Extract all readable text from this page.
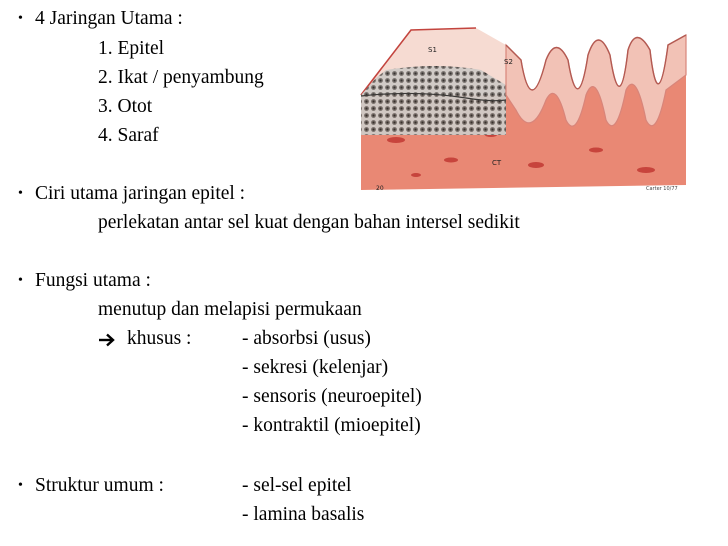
• 4 Jaringan Utama :
1. Epitel
2. Ikat / penyambung
3. Otot
4. Saraf
• Ciri utama jaringan epitel :
perlekatan antar sel kuat dengan bahan intersel sedikit
• Fungsi utama :
menutup dan melapisi permukaan
khusus :	- absorbsi (usus)
- sekresi (kelenjar)
- sensoris (neuroepitel)
- kontraktil (mioepitel)
• Struktur umum :	- sel-sel epitel
- lamina basalis
S1
S2
CT
20	Carter 10/77
